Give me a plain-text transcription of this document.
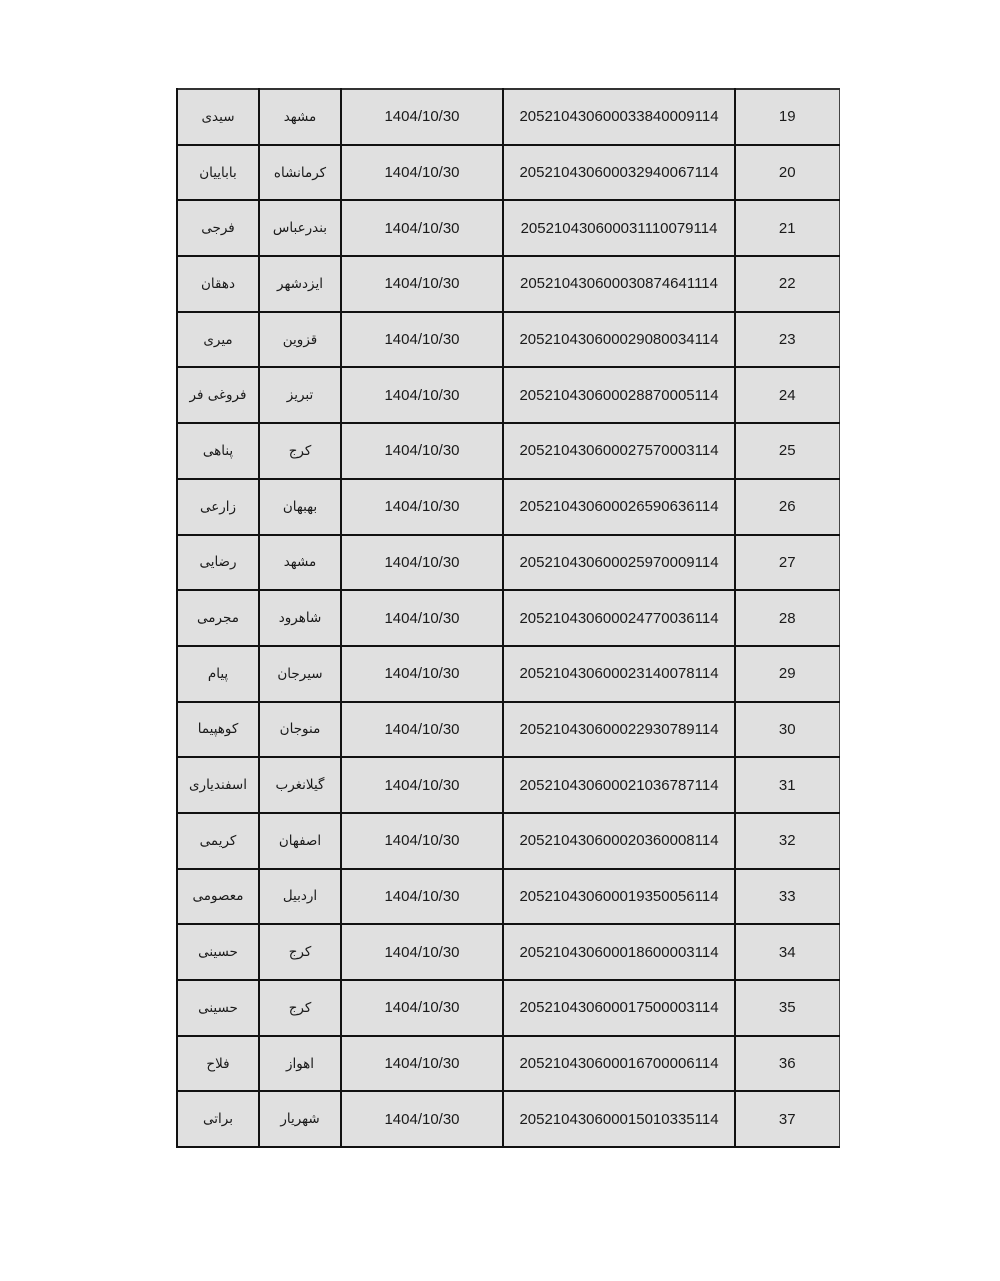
سیدی	مشهد	1404/10/30	205210430600033840009114	19
باباییان	کرمانشاه	1404/10/30	205210430600032940067114	20
فرجی	بندرعباس	1404/10/30	205210430600031110079114	21
دهقان	ایزدشهر	1404/10/30	205210430600030874641114	22
میری	قزوین	1404/10/30	205210430600029080034114	23
فروغی فر	تبریز	1404/10/30	205210430600028870005114	24
پناهی	کرج	1404/10/30	205210430600027570003114	25
زارعی	بهبهان	1404/10/30	205210430600026590636114	26
رضایی	مشهد	1404/10/30	205210430600025970009114	27
مجرمی	شاهرود	1404/10/30	205210430600024770036114	28
پیام	سیرجان	1404/10/30	205210430600023140078114	29
کوهپیما	منوجان	1404/10/30	205210430600022930789114	30
اسفندیاری	گیلانغرب	1404/10/30	205210430600021036787114	31
کریمی	اصفهان	1404/10/30	205210430600020360008114	32
معصومی	اردبیل	1404/10/30	205210430600019350056114	33
حسینی	کرج	1404/10/30	205210430600018600003114	34
حسینی	کرج	1404/10/30	205210430600017500003114	35
فلاح	اهواز	1404/10/30	205210430600016700006114	36
براتی	شهریار	1404/10/30	205210430600015010335114	37
